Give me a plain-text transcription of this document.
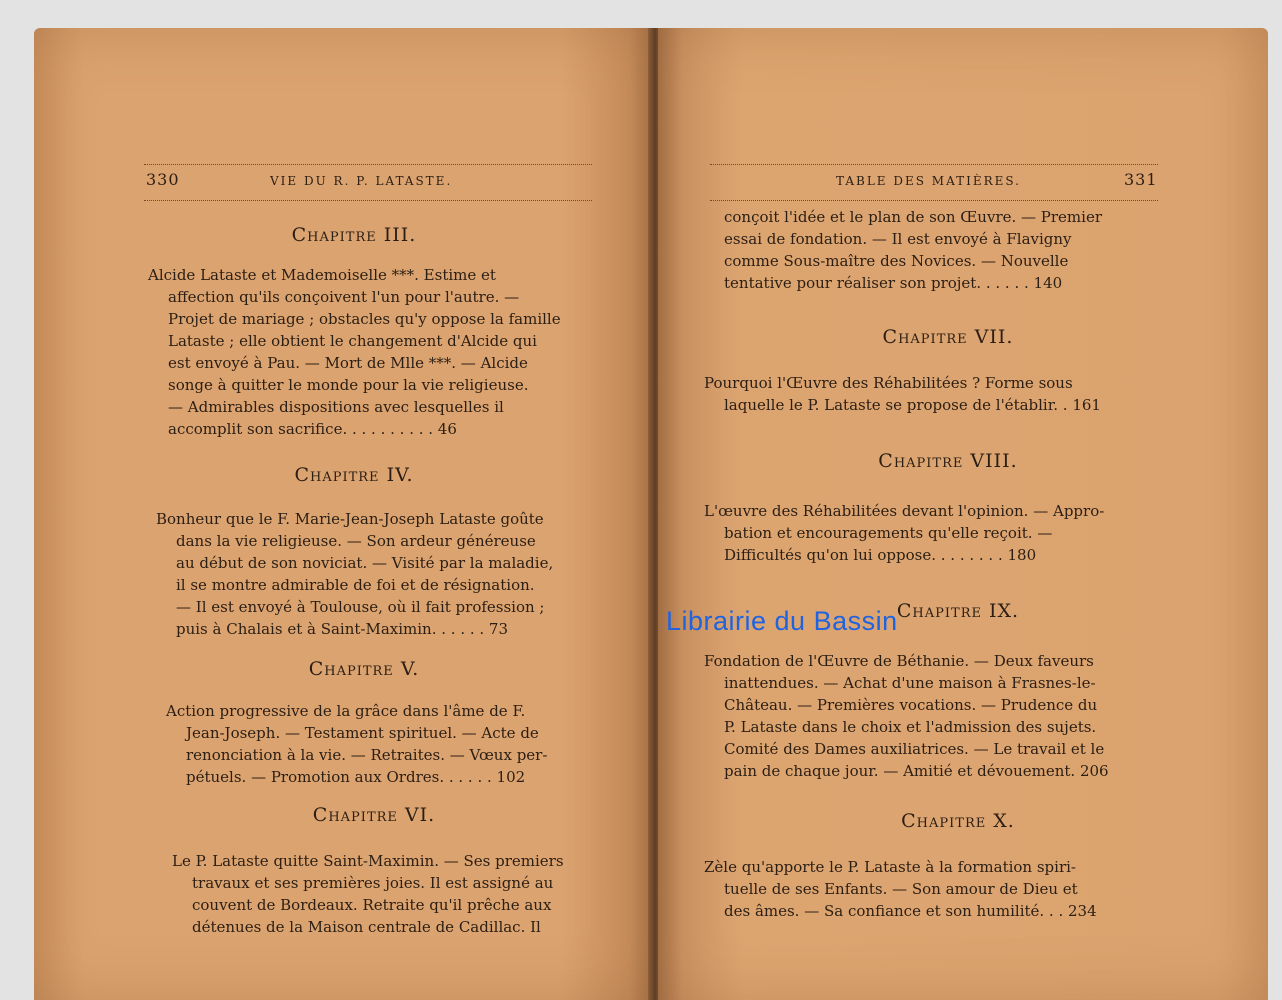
330	VIE DU R. P. LATASTE.
Chapitre III.
Alcide Lataste et Mademoiselle ***. Estime et
affection qu'ils conçoivent l'un pour l'autre. —
Projet de mariage ; obstacles qu'y oppose la famille
Lataste ; elle obtient le changement d'Alcide qui
est envoyé à Pau. — Mort de Mlle ***. — Alcide
songe à quitter le monde pour la vie religieuse.
— Admirables dispositions avec lesquelles il
accomplit son sacrifice. . . . . . . . . . 46
Chapitre IV.
Bonheur que le F. Marie-Jean-Joseph Lataste goûte
dans la vie religieuse. — Son ardeur généreuse
au début de son noviciat. — Visité par la maladie,
il se montre admirable de foi et de résignation.
— Il est envoyé à Toulouse, où il fait profession ;
puis à Chalais et à Saint-Maximin. . . . . . 73
Chapitre V.
Action progressive de la grâce dans l'âme de F.
Jean-Joseph. — Testament spirituel. — Acte de
renonciation à la vie. — Retraites. — Vœux per-
pétuels. — Promotion aux Ordres. . . . . . 102
Chapitre VI.
Le P. Lataste quitte Saint-Maximin. — Ses premiers
travaux et ses premières joies. Il est assigné au
couvent de Bordeaux. Retraite qu'il prêche aux
détenues de la Maison centrale de Cadillac. Il
TABLE DES MATIÈRES.	331
conçoit l'idée et le plan de son Œuvre. — Premier
essai de fondation. — Il est envoyé à Flavigny
comme Sous-maître des Novices. — Nouvelle
tentative pour réaliser son projet. . . . . . 140
Chapitre VII.
Pourquoi l'Œuvre des Réhabilitées ? Forme sous
laquelle le P. Lataste se propose de l'établir. . 161
Chapitre VIII.
L'œuvre des Réhabilitées devant l'opinion. — Appro-
bation et encouragements qu'elle reçoit. —
Difficultés qu'on lui oppose. . . . . . . . 180
Chapitre IX.
Fondation de l'Œuvre de Béthanie. — Deux faveurs
inattendues. — Achat d'une maison à Frasnes-le-
Château. — Premières vocations. — Prudence du
P. Lataste dans le choix et l'admission des sujets.
Comité des Dames auxiliatrices. — Le travail et le
pain de chaque jour. — Amitié et dévouement. 206
Chapitre X.
Zèle qu'apporte le P. Lataste à la formation spiri-
tuelle de ses Enfants. — Son amour de Dieu et
des âmes. — Sa confiance et son humilité. . . 234
Librairie du Bassin
